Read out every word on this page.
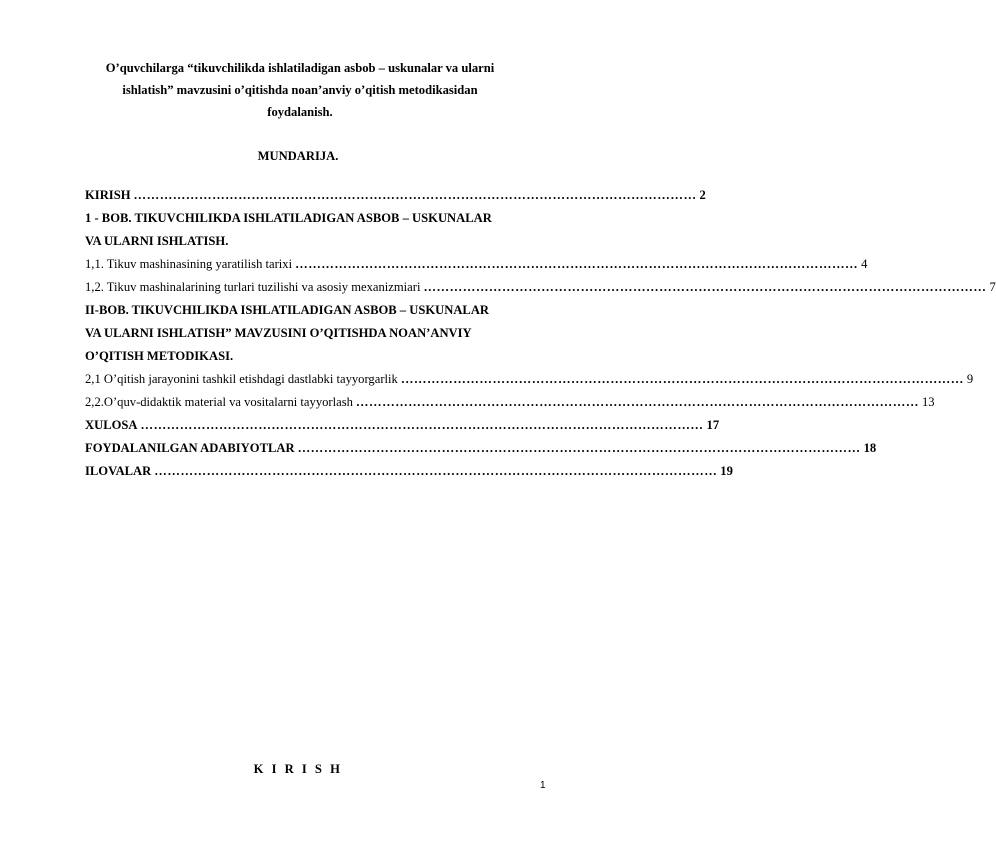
O’quvchilarga “tikuvchilikda ishlatiladigan asbob – uskunalar va ularni ishlatish” mavzusini o’qitishda noan’anviy o’qitish metodikasidan foydalanish.
MUNDARIJA.
KIRISH ………………………………………………………………………………………………………………… 2
1 - BOB. TIKUVCHILIKDA ISHLATILADIGAN ASBOB – USKUNALAR
VA ULARNI ISHLATISH.
1,1. Tikuv mashinasining yaratilish tarixi ………………………………………………………………………………………………………………… 4
1,2. Tikuv mashinalarining turlari tuzilishi va asosiy mexanizmiari ………………………………………………………………………………………………………………… 7
II-BOB. TIKUVCHILIKDA ISHLATILADIGAN ASBOB – USKUNALAR
VA ULARNI ISHLATISH” MAVZUSINI O’QITISHDA NOAN’ANVIY
O’QITISH METODIKASI.
2,1 O’qitish jarayonini tashkil etishdagi dastlabki tayyorgarlik ………………………………………………………………………………………………………………… 9
2,2.O’quv-didaktik material va vositalarni tayyorlash ………………………………………………………………………………………………………………… 13
XULOSA ………………………………………………………………………………………………………………… 17
FOYDALANILGAN ADABIYOTLAR ………………………………………………………………………………………………………………… 18
ILOVALAR ………………………………………………………………………………………………………………… 19
K I R I S H
1
